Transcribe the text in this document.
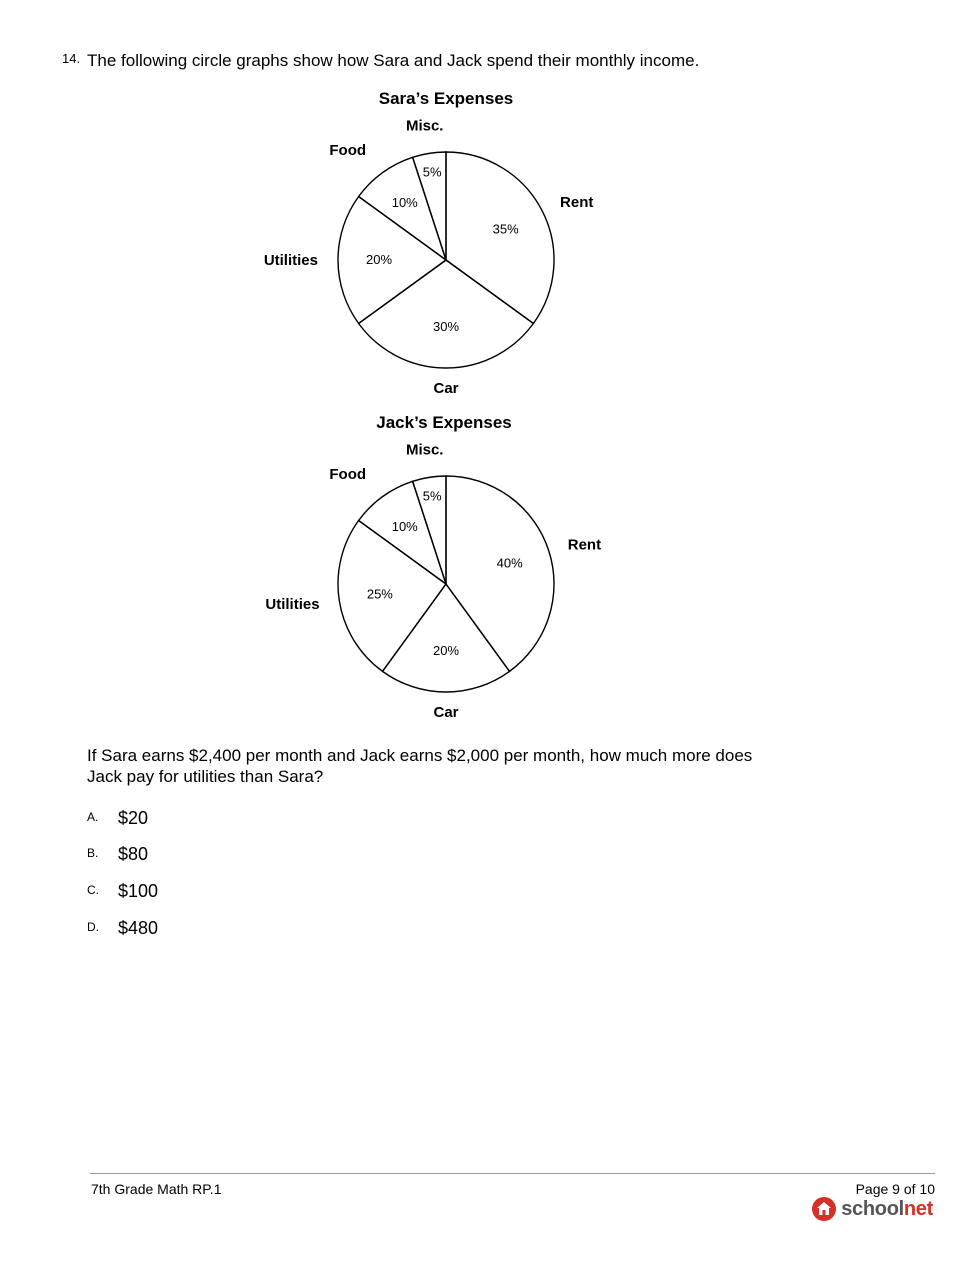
14. The following circle graphs show how Sara and Jack spend their monthly income.
Sara’s Expenses
35%
Rent
30%
Car
20%
Utilities
10%
Food
5%
Misc.
Jack’s Expenses
40%
Rent
20%
Car
25%
Utilities
10%
Food
5%
Misc.
If Sara earns $2,400 per month and Jack earns $2,000 per month, how much more does Jack pay for utilities than Sara?
A. $20
B. $80
C. $100
D. $480
7th Grade Math RP.1	Page 9 of 10
schoolnet
